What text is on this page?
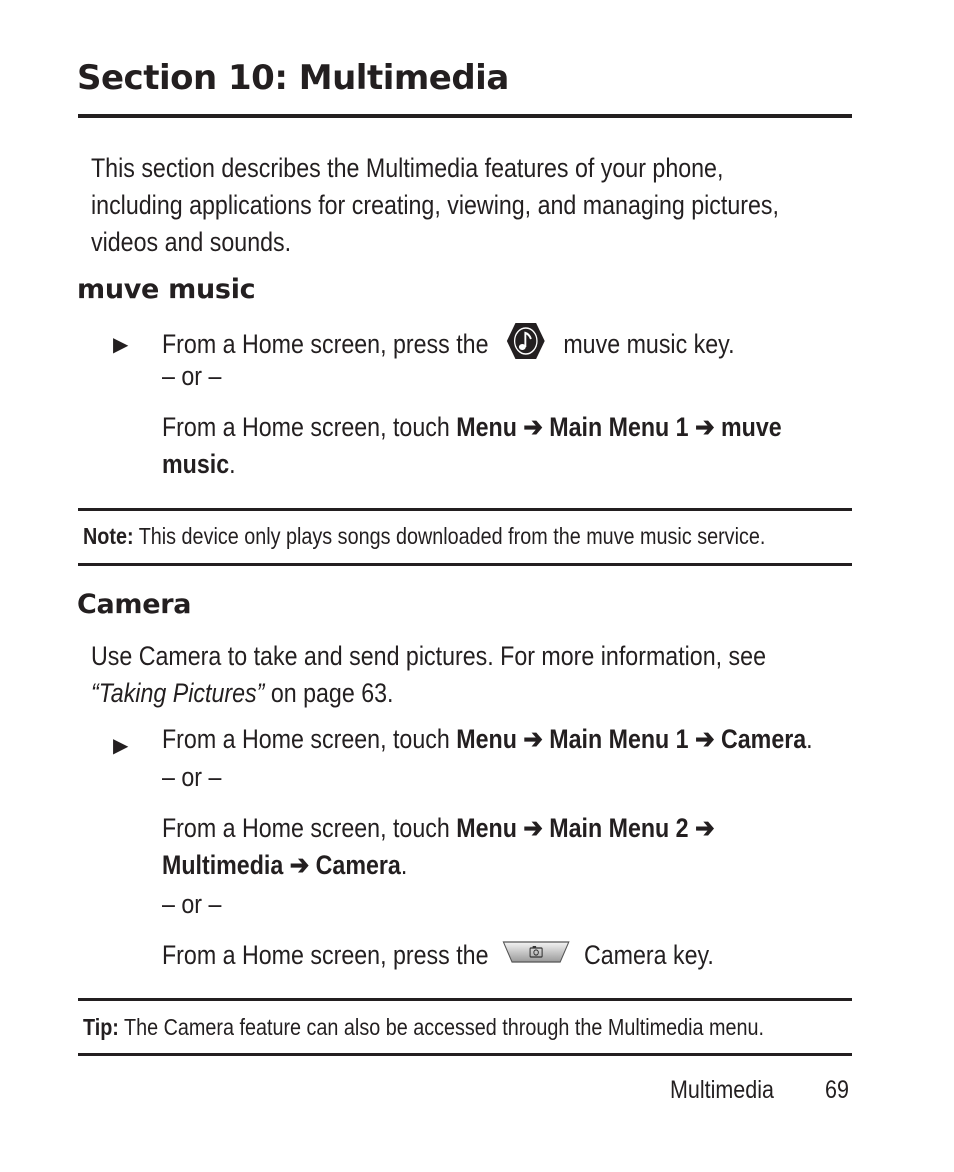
Section 10: Multimedia
This section describes the Multimedia features of your phone,
including applications for creating, viewing, and managing pictures,
videos and sounds.
muve music
▶ From a Home screen, press the	muve music key.
– or –
From a Home screen, touch Menu ➔ Main Menu 1 ➔ muve
music.
Note: This device only plays songs downloaded from the muve music service.
Camera
Use Camera to take and send pictures. For more information, see
“Taking Pictures” on page 63.
▶ From a Home screen, touch Menu ➔ Main Menu 1 ➔ Camera.
– or –
From a Home screen, touch Menu ➔ Main Menu 2 ➔
Multimedia ➔ Camera.
– or –
From a Home screen, press the	Camera key.
Tip: The Camera feature can also be accessed through the Multimedia menu.
Multimedia 69
